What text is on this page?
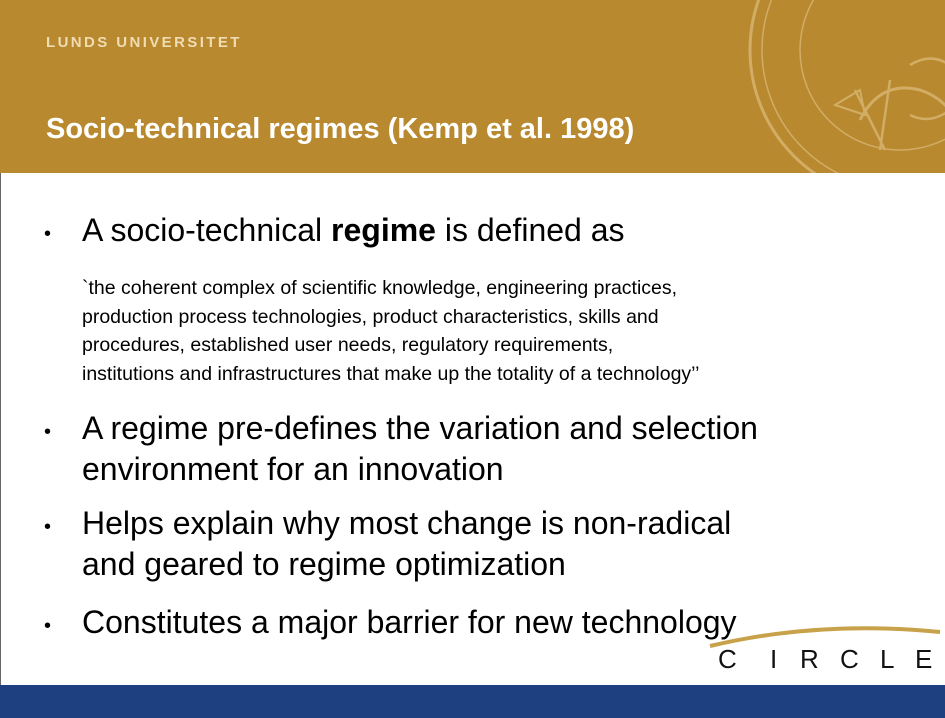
LUNDS UNIVERSITET
Socio-technical regimes (Kemp et al. 1998)
• A socio-technical regime is defined as
`the coherent complex of scientific knowledge, engineering practices,
production process technologies, product characteristics, skills and
procedures, established user needs, regulatory requirements,
institutions and infrastructures that make up the totality of a technology’’
• A regime pre-defines the variation and selection
environment for an innovation
• Helps explain why most change is non-radical
and geared to regime optimization
• Constitutes a major barrier for new technology
C I R C L E
